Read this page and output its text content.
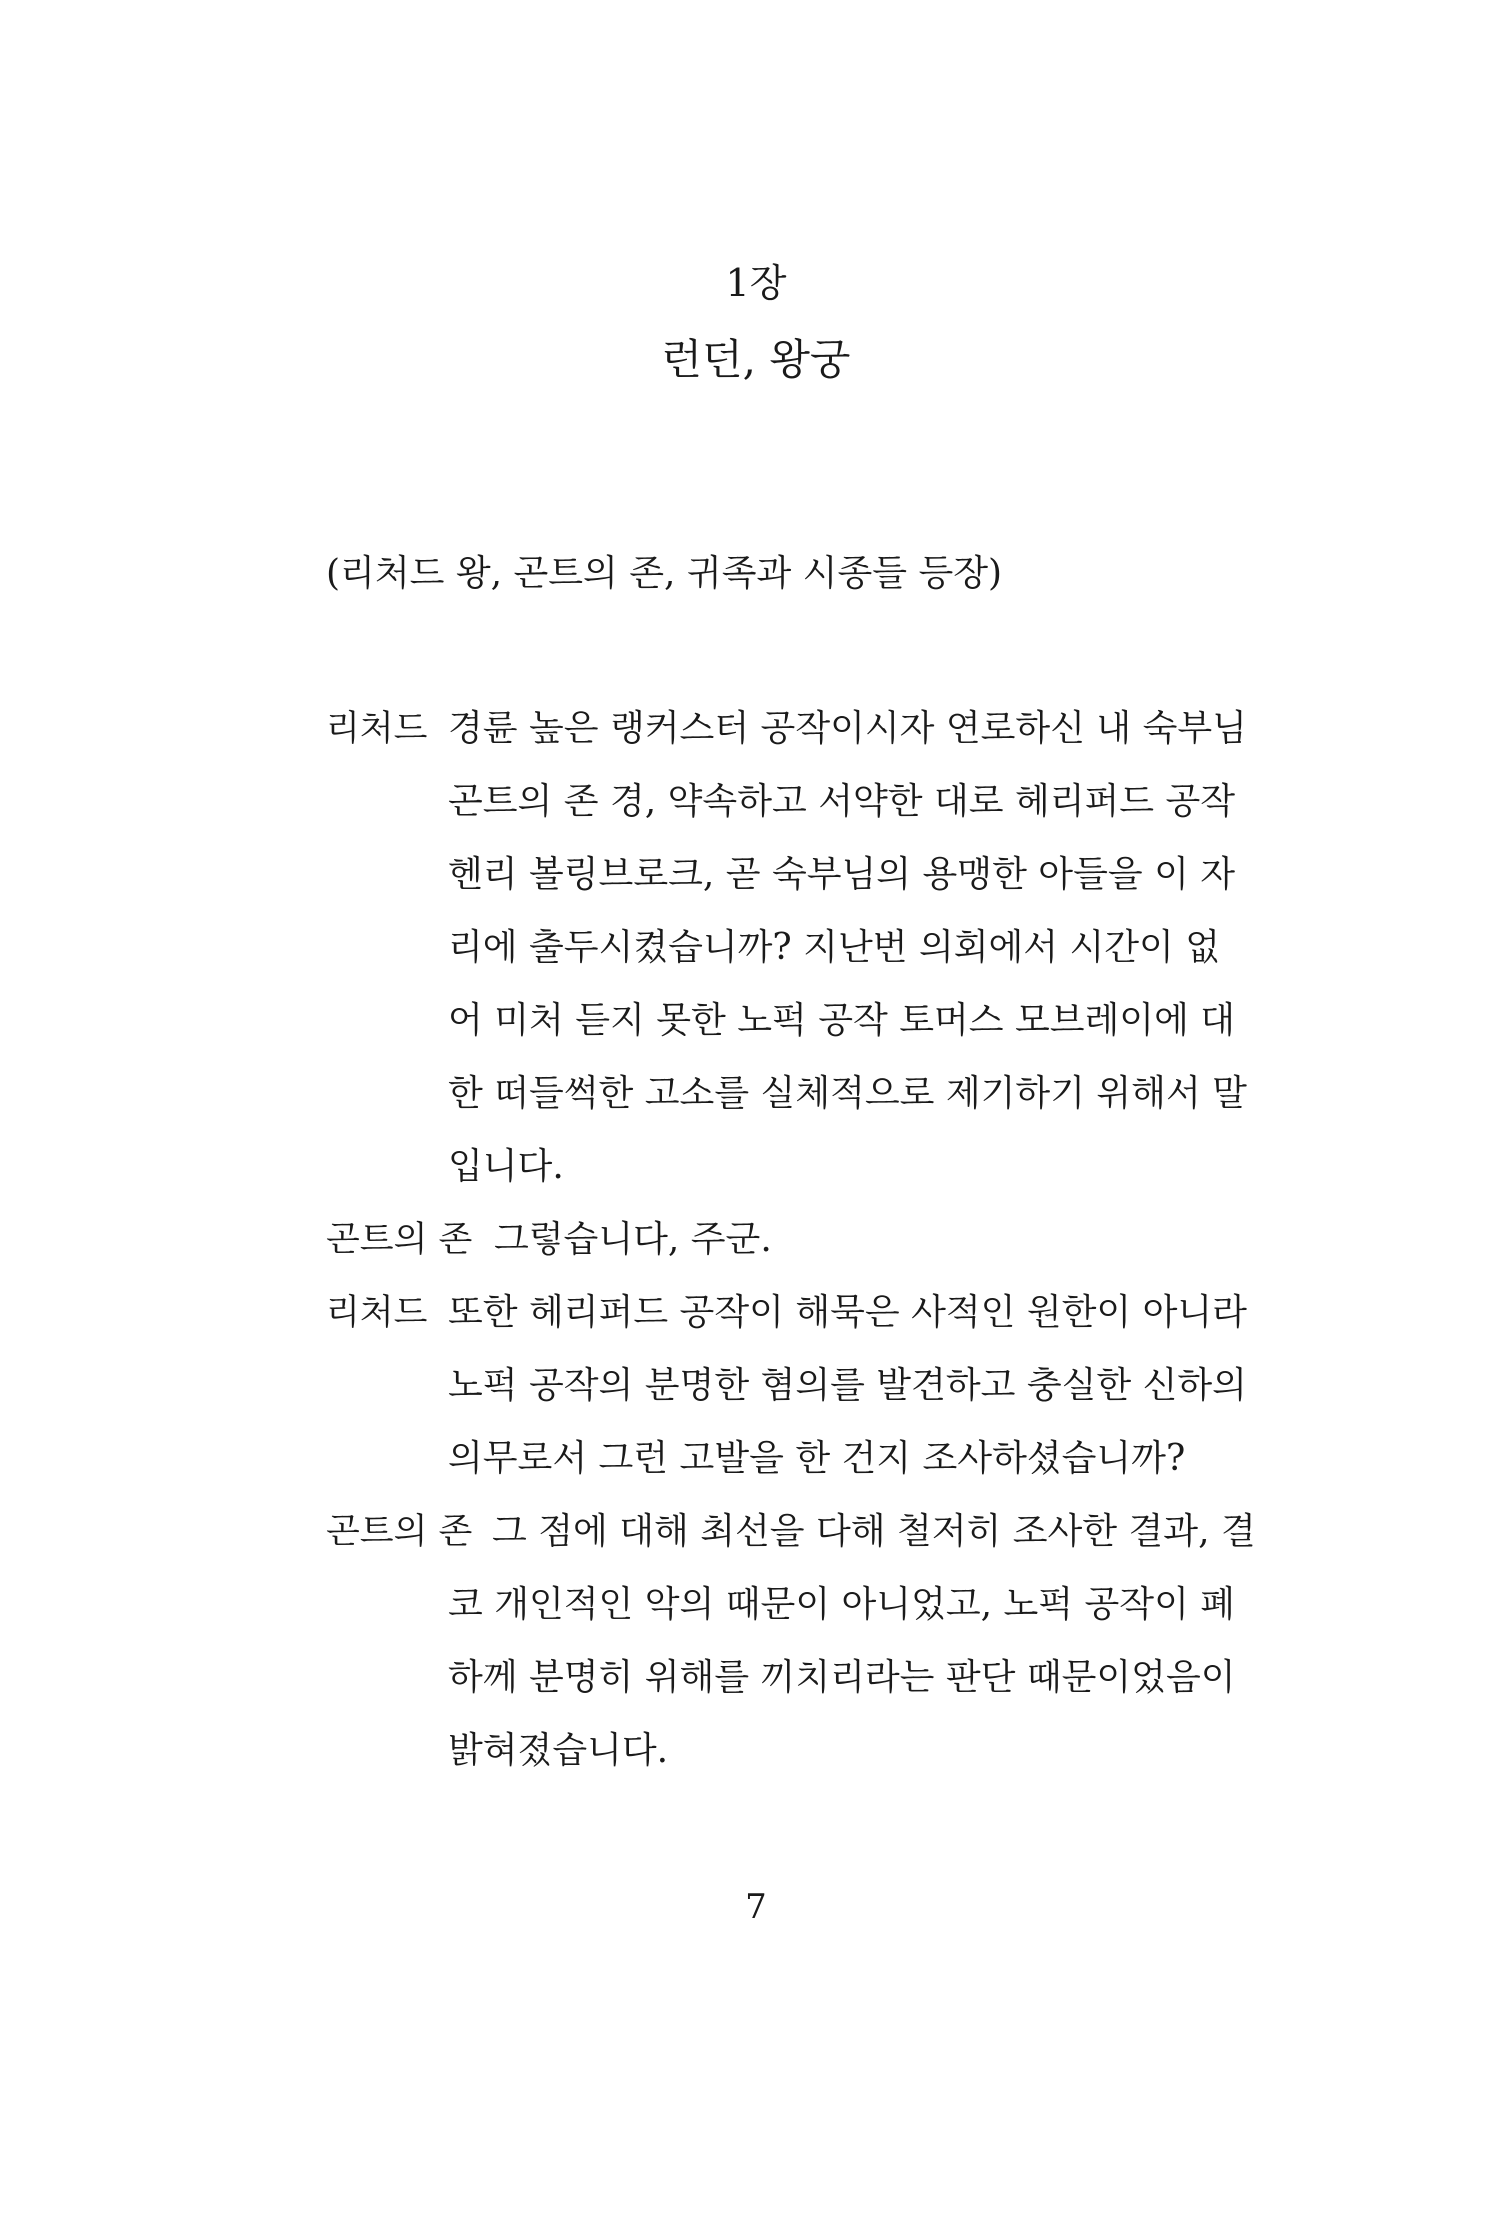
1장
런던, 왕궁
(리처드 왕, 곤트의 존, 귀족과 시종들 등장)
리처드 경륜 높은 랭커스터 공작이시자 연로하신 내 숙부님
곤트의 존 경, 약속하고 서약한 대로 헤리퍼드 공작
헨리 볼링브로크, 곧 숙부님의 용맹한 아들을 이 자
리에 출두시켰습니까? 지난번 의회에서 시간이 없
어 미처 듣지 못한 노퍽 공작 토머스 모브레이에 대
한 떠들썩한 고소를 실체적으로 제기하기 위해서 말
입니다.
곤트의 존 그렇습니다, 주군.
리처드 또한 헤리퍼드 공작이 해묵은 사적인 원한이 아니라
노퍽 공작의 분명한 혐의를 발견하고 충실한 신하의
의무로서 그런 고발을 한 건지 조사하셨습니까?
곤트의 존 그 점에 대해 최선을 다해 철저히 조사한 결과, 결
코 개인적인 악의 때문이 아니었고, 노퍽 공작이 폐
하께 분명히 위해를 끼치리라는 판단 때문이었음이
밝혀졌습니다.
7
